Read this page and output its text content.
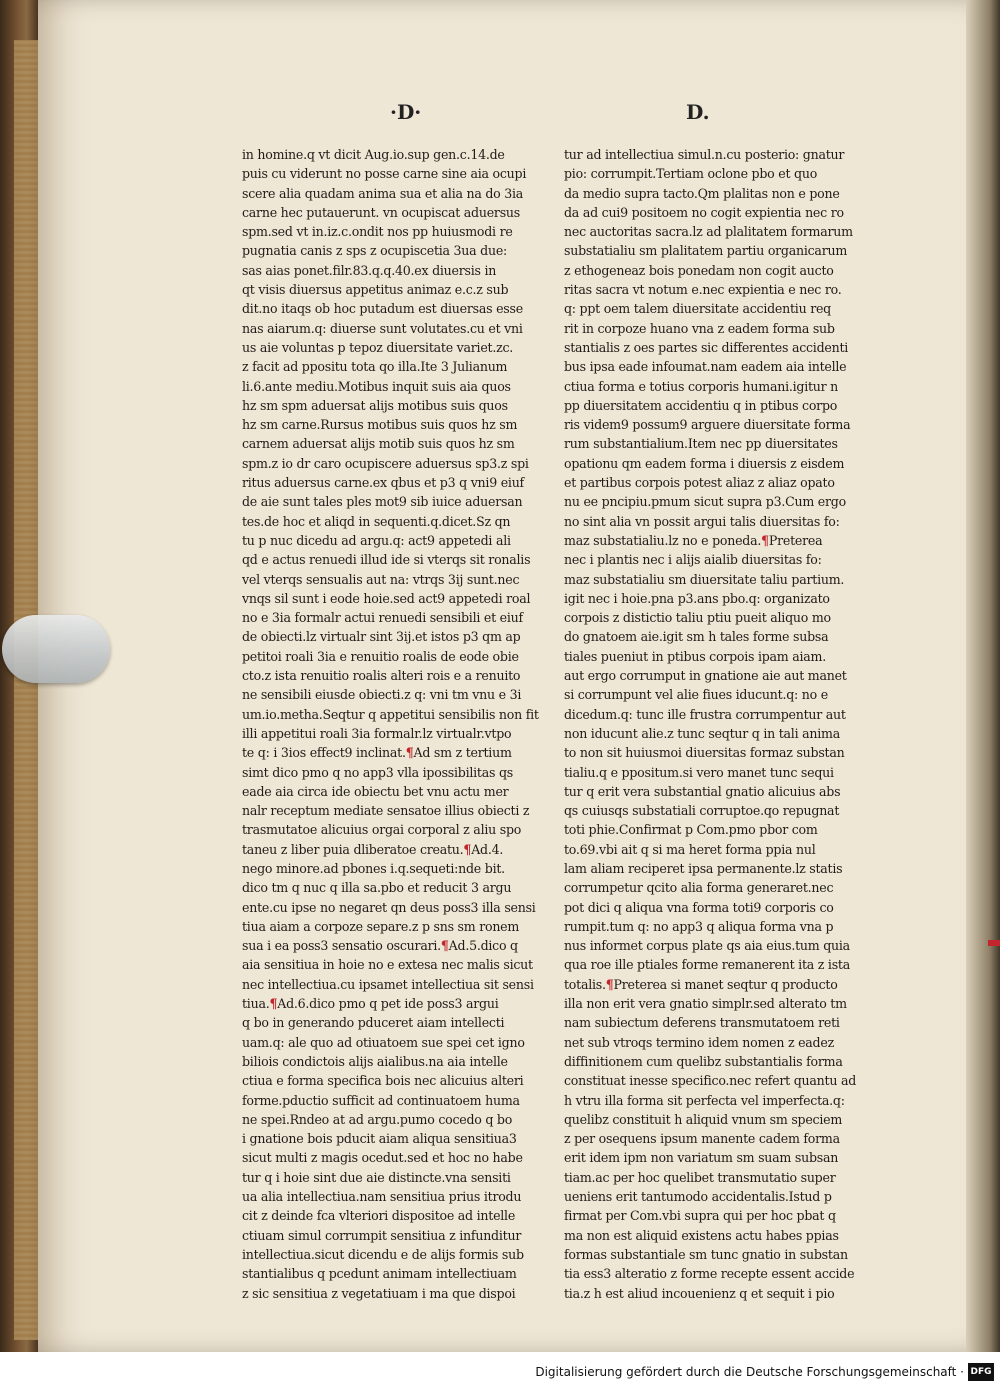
·D·	D.
in homine.q vt dicit Aug.io.sup gen.c.14.de
puis cu viderunt no posse carne sine aia ocupi
scere alia quadam anima sua et alia na do 3ia
carne hec putauerunt. vn ocupiscat aduersus
spm.sed vt in.iz.c.ondit nos pp huiusmodi re
pugnatia canis z sps z ocupiscetia 3ua due:
sas aias ponet.filr.83.q.q.40.ex diuersis in
qt visis diuersus appetitus animaz e.c.z sub
dit.no itaqs ob hoc putadum est diuersas esse
nas aiarum.q: diuerse sunt volutates.cu et vni
us aie voluntas p tepoz diuersitate variet.zc.
z facit ad ppositu tota qo illa.Ite 3 Julianum
li.6.ante mediu.Motibus inquit suis aia quos
hz sm spm aduersat alijs motibus suis quos
hz sm carne.Rursus motibus suis quos hz sm
carnem aduersat alijs motib suis quos hz sm
spm.z io dr caro ocupiscere aduersus sp3.z spi
ritus aduersus carne.ex qbus et p3 q vni9 eiuf
de aie sunt tales ples mot9 sib iuice aduersan
tes.de hoc et aliqd in sequenti.q.dicet.Sz qn
tu p nuc dicedu ad argu.q: act9 appetedi ali
qd e actus renuedi illud ide si vterqs sit ronalis
vel vterqs sensualis aut na: vtrqs 3ij sunt.nec
vnqs sil sunt i eode hoie.sed act9 appetedi roal
no e 3ia formalr actui renuedi sensibili et eiuf
de obiecti.lz virtualr sint 3ij.et istos p3 qm ap
petitoi roali 3ia e renuitio roalis de eode obie
cto.z ista renuitio roalis alteri rois e a renuito
ne sensibili eiusde obiecti.z q: vni tm vnu e 3i
um.io.metha.Seqtur q appetitui sensibilis non fit
illi appetitui roali 3ia formalr.lz virtualr.vtpo
te q: i 3ios effect9 inclinat.¶Ad sm z tertium
simt dico pmo q no app3 vlla ipossibilitas qs
eade aia circa ide obiectu bet vnu actu mer
nalr receptum mediate sensatoe illius obiecti z
trasmutatoe alicuius orgai corporal z aliu spo
taneu z liber puia dliberatoe creatu.¶Ad.4.
nego minore.ad pbones i.q.sequeti:nde bit.
dico tm q nuc q illa sa.pbo et reducit 3 argu
ente.cu ipse no negaret qn deus poss3 illa sensi
tiua aiam a corpoze separe.z p sns sm ronem
sua i ea poss3 sensatio oscurari.¶Ad.5.dico q
aia sensitiua in hoie no e extesa nec malis sicut
nec intellectiua.cu ipsamet intellectiua sit sensi
tiua.¶Ad.6.dico pmo q pet ide poss3 argui
q bo in generando pduceret aiam intellecti
uam.q: ale quo ad otiuatoem sue spei cet igno
biliois condictois alijs aialibus.na aia intelle
ctiua e forma specifica bois nec alicuius alteri
forme.pductio sufficit ad continuatoem huma
ne spei.Rndeo at ad argu.pumo cocedo q bo
i gnatione bois pducit aiam aliqua sensitiua3
sicut multi z magis ocedut.sed et hoc no habe
tur q i hoie sint due aie distincte.vna sensiti
ua alia intellectiua.nam sensitiua prius itrodu
cit z deinde fca vlteriori dispositoe ad intelle
ctiuam simul corrumpit sensitiua z infunditur
intellectiua.sicut dicendu e de alijs formis sub
stantialibus q pcedunt animam intellectiuam
z sic sensitiua z vegetatiuam i ma que dispoi
tur ad intellectiua simul.n.cu posterio: gnatur
pio: corrumpit.Tertiam oclone pbo et quo
da medio supra tacto.Qm plalitas non e pone
da ad cui9 positoem no cogit expientia nec ro
nec auctoritas sacra.lz ad plalitatem formarum
substatialiu sm plalitatem partiu organicarum
z ethogeneaz bois ponedam non cogit aucto
ritas sacra vt notum e.nec expientia e nec ro.
q: ppt oem talem diuersitate accidentiu req
rit in corpoze huano vna z eadem forma sub
stantialis z oes partes sic differentes accidenti
bus ipsa eade infoumat.nam eadem aia intelle
ctiua forma e totius corporis humani.igitur n
pp diuersitatem accidentiu q in ptibus corpo
ris videm9 possum9 arguere diuersitate forma
rum substantialium.Item nec pp diuersitates
opationu qm eadem forma i diuersis z eisdem
et partibus corpois potest aliaz z aliaz opato
nu ee pncipiu.pmum sicut supra p3.Cum ergo
no sint alia vn possit argui talis diuersitas fo:
maz substatialiu.lz no e poneda.¶Preterea
nec i plantis nec i alijs aialib diuersitas fo:
maz substatialiu sm diuersitate taliu partium.
igit nec i hoie.pna p3.ans pbo.q: organizato
corpois z distictio taliu ptiu pueit aliquo mo
do gnatoem aie.igit sm h tales forme subsa
tiales pueniut in ptibus corpois ipam aiam.
aut ergo corrumput in gnatione aie aut manet
si corrumpunt vel alie fiues iducunt.q: no e
dicedum.q: tunc ille frustra corrumpentur aut
non iducunt alie.z tunc seqtur q in tali anima
to non sit huiusmoi diuersitas formaz substan
tialiu.q e ppositum.si vero manet tunc sequi
tur q erit vera substantial gnatio alicuius abs
qs cuiusqs substatiali corruptoe.qo repugnat
toti phie.Confirmat p Com.pmo pbor com
to.69.vbi ait q si ma heret forma ppia nul
lam aliam reciperet ipsa permanente.lz statis
corrumpetur qcito alia forma generaret.nec
pot dici q aliqua vna forma toti9 corporis co
rumpit.tum q: no app3 q aliqua forma vna p
nus informet corpus plate qs aia eius.tum quia
qua roe ille ptiales forme remanerent ita z ista
totalis.¶Preterea si manet seqtur q producto
illa non erit vera gnatio simplr.sed alterato tm
nam subiectum deferens transmutatoem reti
net sub vtroqs termino idem nomen z eadez
diffinitionem cum quelibz substantialis forma
constituat inesse specifico.nec refert quantu ad
h vtru illa forma sit perfecta vel imperfecta.q:
quelibz constituit h aliquid vnum sm speciem
z per osequens ipsum manente cadem forma
erit idem ipm non variatum sm suam subsan
tiam.ac per hoc quelibet transmutatio super
ueniens erit tantumodo accidentalis.Istud p
firmat per Com.vbi supra qui per hoc pbat q
ma non est aliquid existens actu habes ppias
formas substantiale sm tunc gnatio in substan
tia ess3 alteratio z forme recepte essent accide
tia.z h est aliud incouenienz q et sequit i pio
Digitalisierung gefördert durch die Deutsche Forschungsgemeinschaft · DFG
